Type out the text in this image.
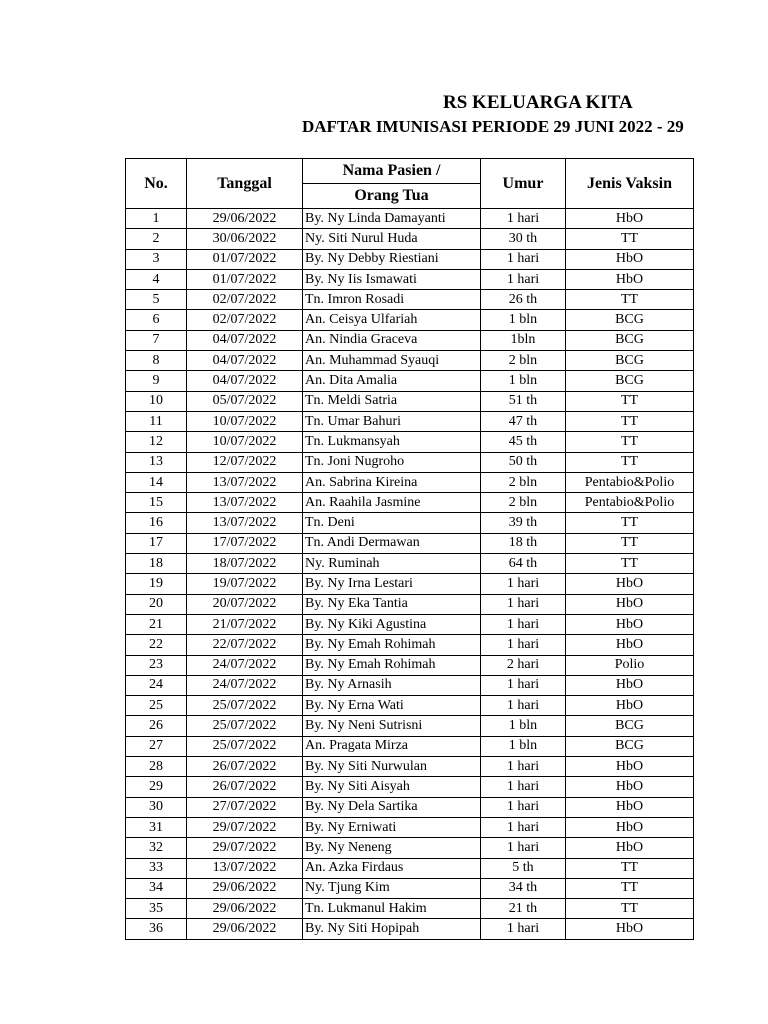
RS KELUARGA KITA
DAFTAR IMUNISASI PERIODE 29 JUNI 2022 - 29
No.	Tanggal	Nama Pasien /	Umur	Jenis Vaksin
		Orang Tua		
1	29/06/2022	By. Ny Linda Damayanti	1 hari	HbO
2	30/06/2022	Ny. Siti Nurul Huda	30 th	TT
3	01/07/2022	By. Ny Debby Riestiani	1 hari	HbO
4	01/07/2022	By. Ny Iis Ismawati	1 hari	HbO
5	02/07/2022	Tn. Imron Rosadi	26 th	TT
6	02/07/2022	An. Ceisya Ulfariah	1 bln	BCG
7	04/07/2022	An. Nindia Graceva	1bln	BCG
8	04/07/2022	An. Muhammad Syauqi	2 bln	BCG
9	04/07/2022	An. Dita Amalia	1 bln	BCG
10	05/07/2022	Tn. Meldi Satria	51 th	TT
11	10/07/2022	Tn. Umar Bahuri	47 th	TT
12	10/07/2022	Tn. Lukmansyah	45 th	TT
13	12/07/2022	Tn. Joni Nugroho	50 th	TT
14	13/07/2022	An. Sabrina Kireina	2 bln	Pentabio&Polio
15	13/07/2022	An. Raahila Jasmine	2 bln	Pentabio&Polio
16	13/07/2022	Tn. Deni	39 th	TT
17	17/07/2022	Tn. Andi Dermawan	18 th	TT
18	18/07/2022	Ny. Ruminah	64 th	TT
19	19/07/2022	By. Ny Irna Lestari	1 hari	HbO
20	20/07/2022	By. Ny Eka Tantia	1 hari	HbO
21	21/07/2022	By. Ny Kiki Agustina	1 hari	HbO
22	22/07/2022	By. Ny Emah Rohimah	1 hari	HbO
23	24/07/2022	By. Ny Emah Rohimah	2 hari	Polio
24	24/07/2022	By. Ny Arnasih	1 hari	HbO
25	25/07/2022	By. Ny Erna Wati	1 hari	HbO
26	25/07/2022	By. Ny Neni Sutrisni	1 bln	BCG
27	25/07/2022	An. Pragata Mirza	1 bln	BCG
28	26/07/2022	By. Ny Siti Nurwulan	1 hari	HbO
29	26/07/2022	By. Ny Siti Aisyah	1 hari	HbO
30	27/07/2022	By. Ny Dela Sartika	1 hari	HbO
31	29/07/2022	By. Ny Erniwati	1 hari	HbO
32	29/07/2022	By. Ny Neneng	1 hari	HbO
33	13/07/2022	An. Azka Firdaus	5 th	TT
34	29/06/2022	Ny. Tjung Kim	34 th	TT
35	29/06/2022	Tn. Lukmanul Hakim	21 th	TT
36	29/06/2022	By. Ny Siti Hopipah	1 hari	HbO
